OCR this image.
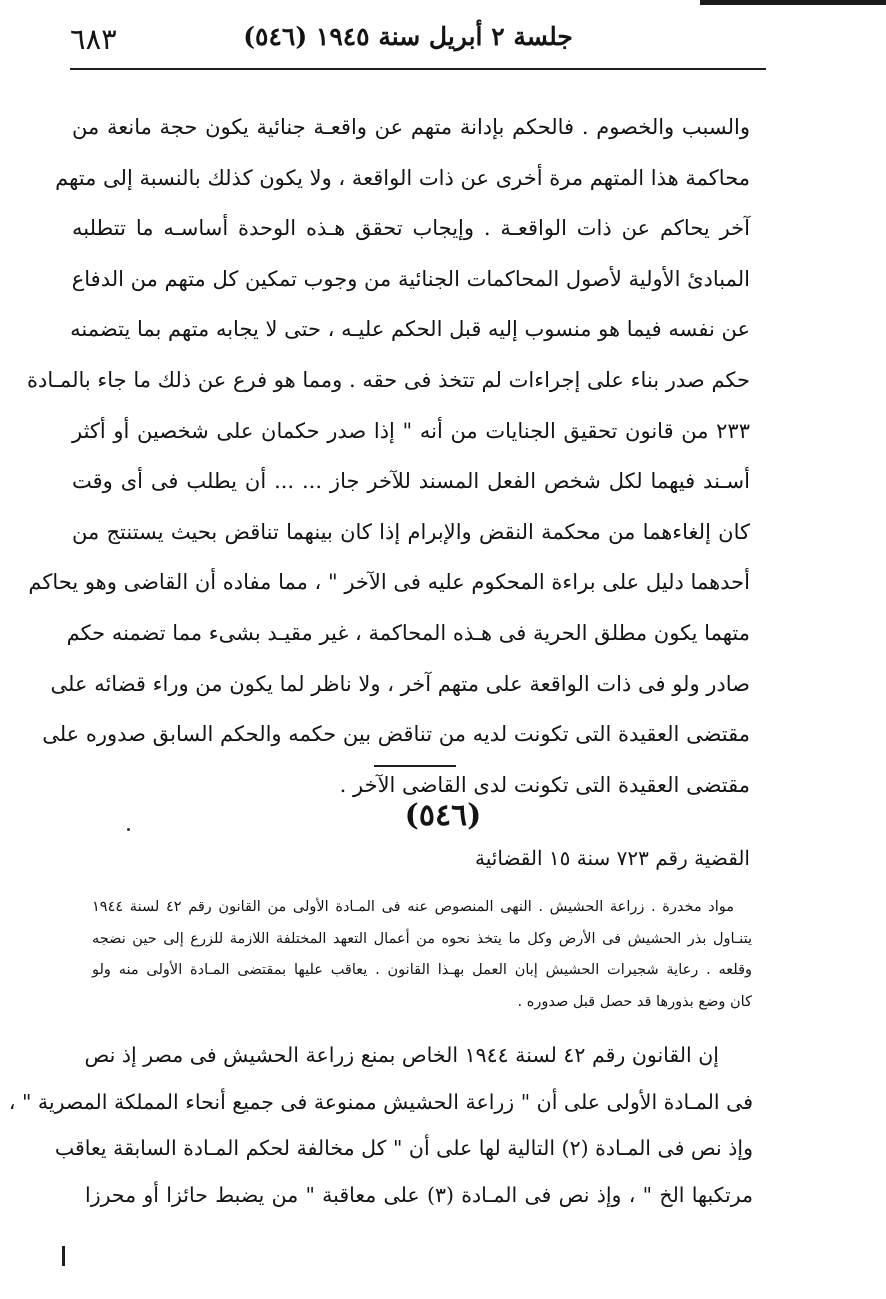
٦٨٣	جلسة ٢ أبريل سنة ١٩٤٥ (٥٤٦)
والسبب والخصوم . فالحكم بإدانة متهم عن واقعـة جنائية يكون حجة مانعة من
محاكمة هذا المتهم مرة أخرى عن ذات الواقعة ، ولا يكون كذلك بالنسبة إلى متهم
آخر يحاكم عن ذات الواقعـة . وإيجاب تحقق هـذه الوحدة أساسـه ما تتطلبه
المبادئ الأولية لأصول المحاكمات الجنائية من وجوب تمكين كل متهم من الدفاع
عن نفسه فيما هو منسوب إليه قبل الحكم عليـه ، حتى لا يجابه متهم بما يتضمنه
حكم صدر بناء على إجراءات لم تتخذ فى حقه . ومما هو فرع عن ذلك ما جاء بالمـادة
٢٣٣ من قانون تحقيق الجنايات من أنه " إذا صدر حكمان على شخصين أو أكثر
أسـند فيهما لكل شخص الفعل المسند للآخر جاز ... ... أن يطلب فى أى وقت
كان إلغاءهما من محكمة النقض والإبرام إذا كان بينهما تناقض بحيث يستنتج من
أحدهما دليل على براءة المحكوم عليه فى الآخر " ، مما مفاده أن القاضى وهو يحاكم
متهما يكون مطلق الحرية فى هـذه المحاكمة ، غير مقيـد بشىء مما تضمنه حكم
صادر ولو فى ذات الواقعة على متهم آخر ، ولا ناظر لما يكون من وراء قضائه على
مقتضى العقيدة التى تكونت لديه من تناقض بين حكمه والحكم السابق صدوره على
مقتضى العقيدة التى تكونت لدى القاضى الآخر .
(٥٤٦)
القضية رقم ٧٢٣ سنة ١٥ القضائية
مواد مخدرة . زراعة الحشيش . النهى المنصوص عنه فى المـادة الأولى من القانون رقم ٤٢ لسنة ١٩٤٤
يتنـاول بذر الحشيش فى الأرض وكل ما يتخذ نحوه من أعمال التعهد المختلفة اللازمة للزرع إلى حين نضجه
وقلعه . رعاية شجيرات الحشيش إبان العمل بهـذا القانون . يعاقب عليها بمقتضى المـادة الأولى منه ولو
كان وضع بذورها قد حصل قبل صدوره .
إن القانون رقم ٤٢ لسنة ١٩٤٤ الخاص بمنع زراعة الحشيش فى مصر إذ نص
فى المـادة الأولى على أن " زراعة الحشيش ممنوعة فى جميع أنحاء المملكة المصرية " ،
وإذ نص فى المـادة (٢) التالية لها على أن " كل مخالفة لحكم المـادة السابقة يعاقب
مرتكبها الخ " ، وإذ نص فى المـادة (٣) على معاقبة " من يضبط حائزا أو محرزا
